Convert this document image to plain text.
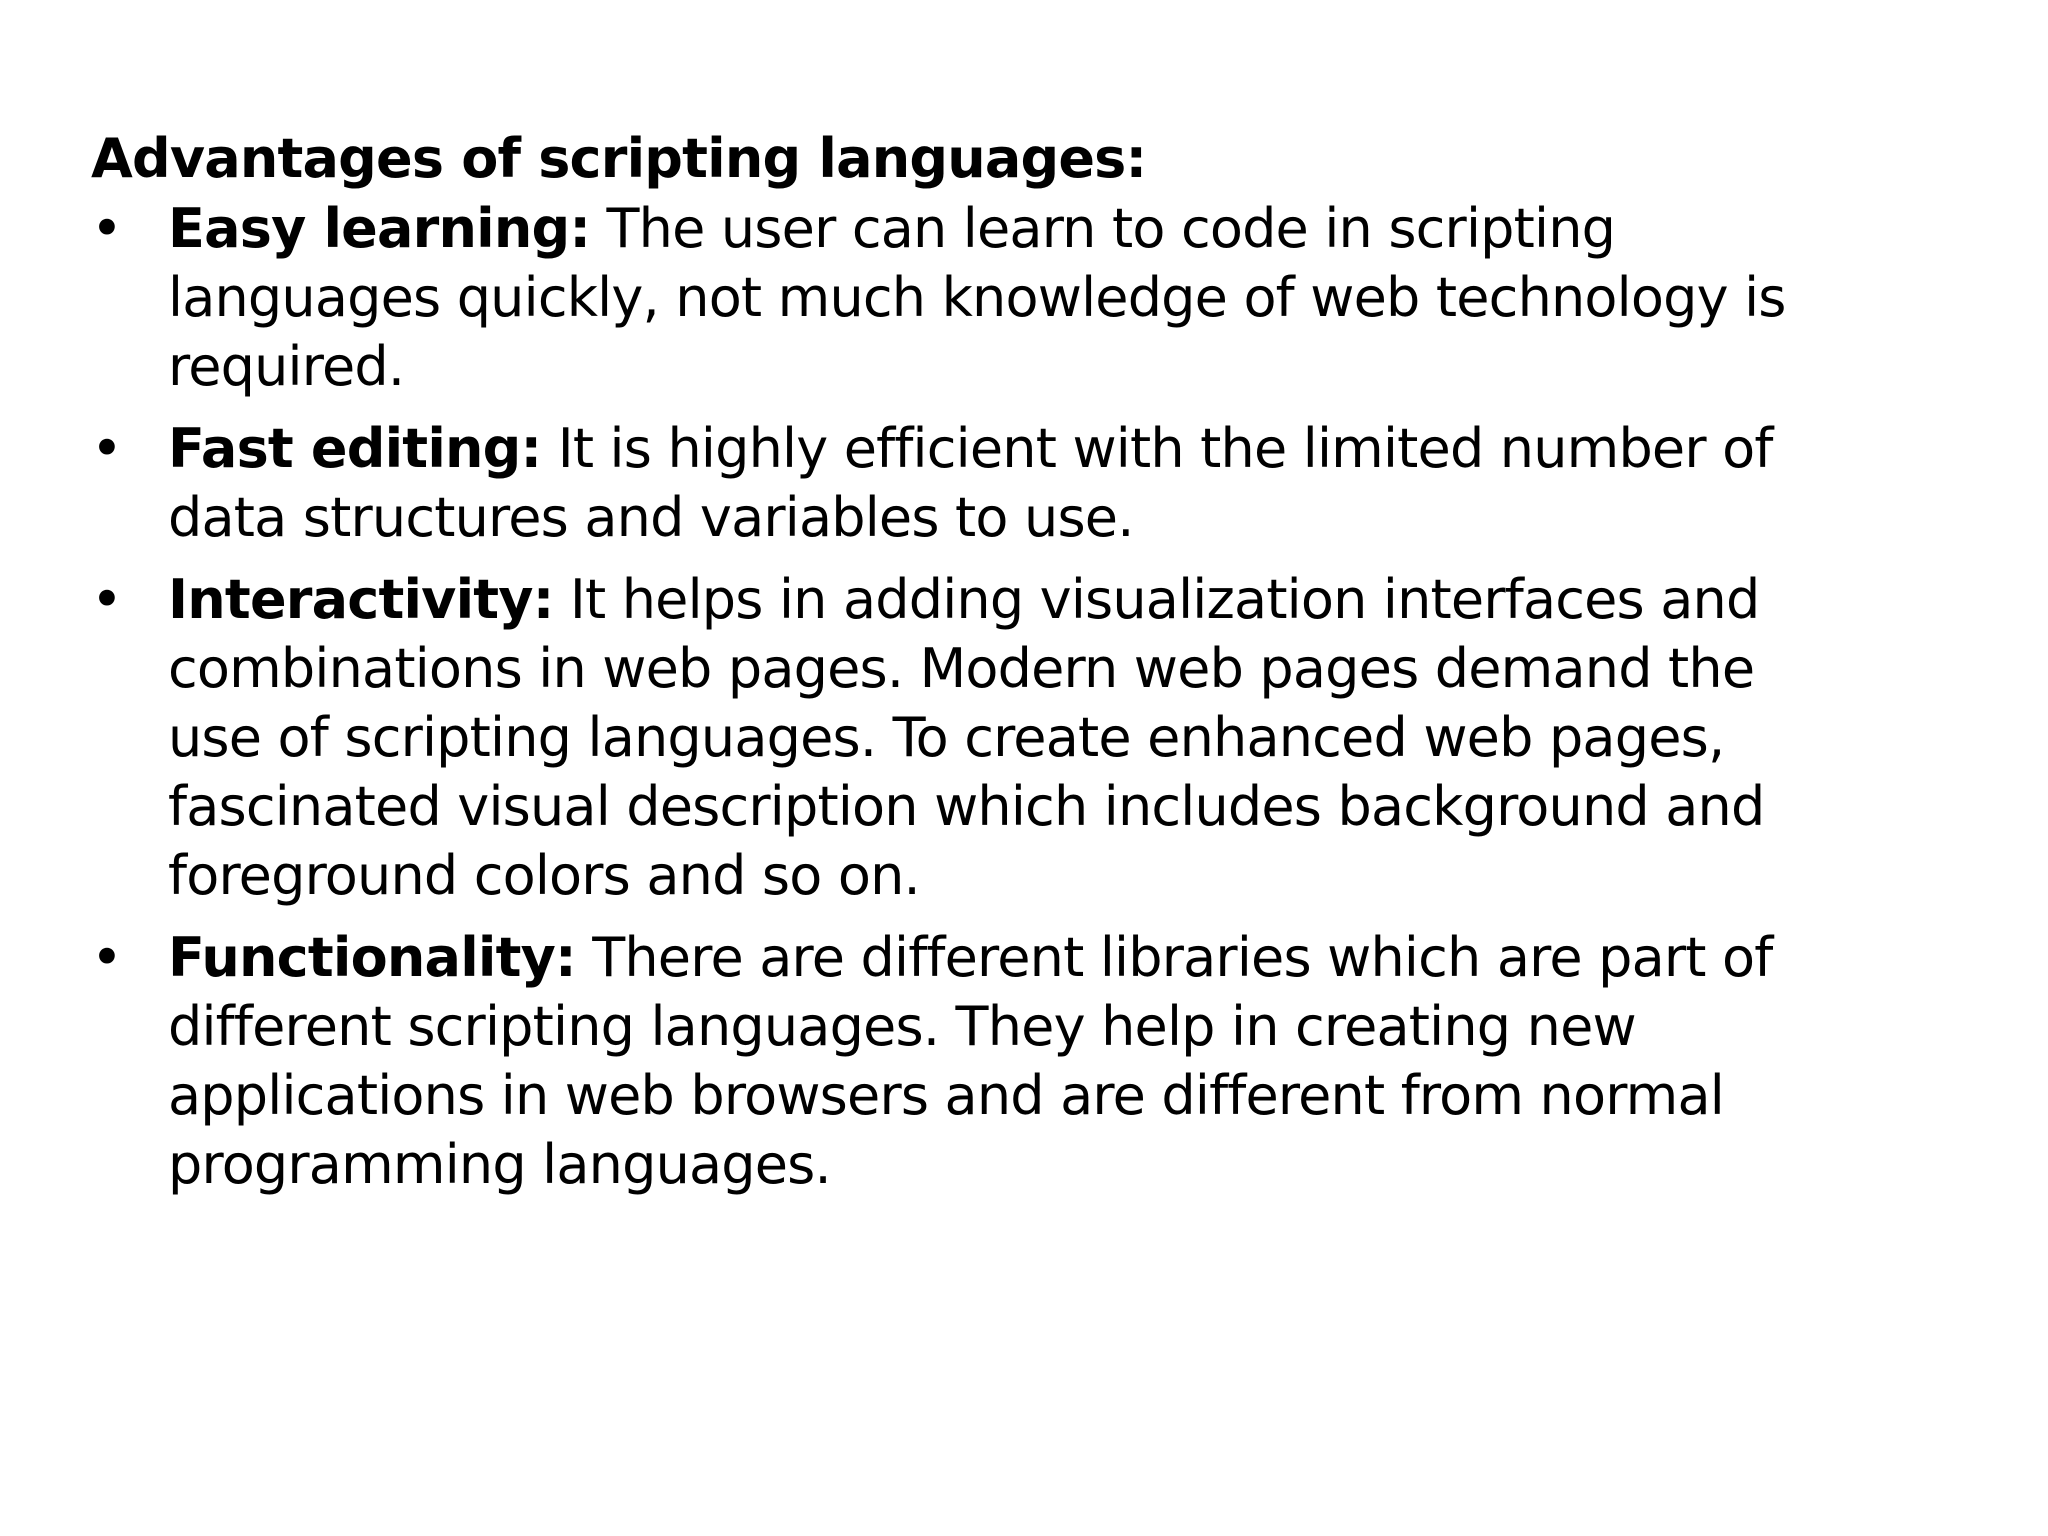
Advantages of scripting languages:

• Easy learning: The user can learn to code in scripting
languages quickly, not much knowledge of web technology is
required.
• Fast editing: It is highly efficient with the limited number of
data structures and variables to use.
• Interactivity: It helps in adding visualization interfaces and
combinations in web pages. Modern web pages demand the
use of scripting languages. To create enhanced web pages,
fascinated visual description which includes background and
foreground colors and so on.
• Functionality: There are different libraries which are part of
different scripting languages. They help in creating new
applications in web browsers and are different from normal
programming languages.
